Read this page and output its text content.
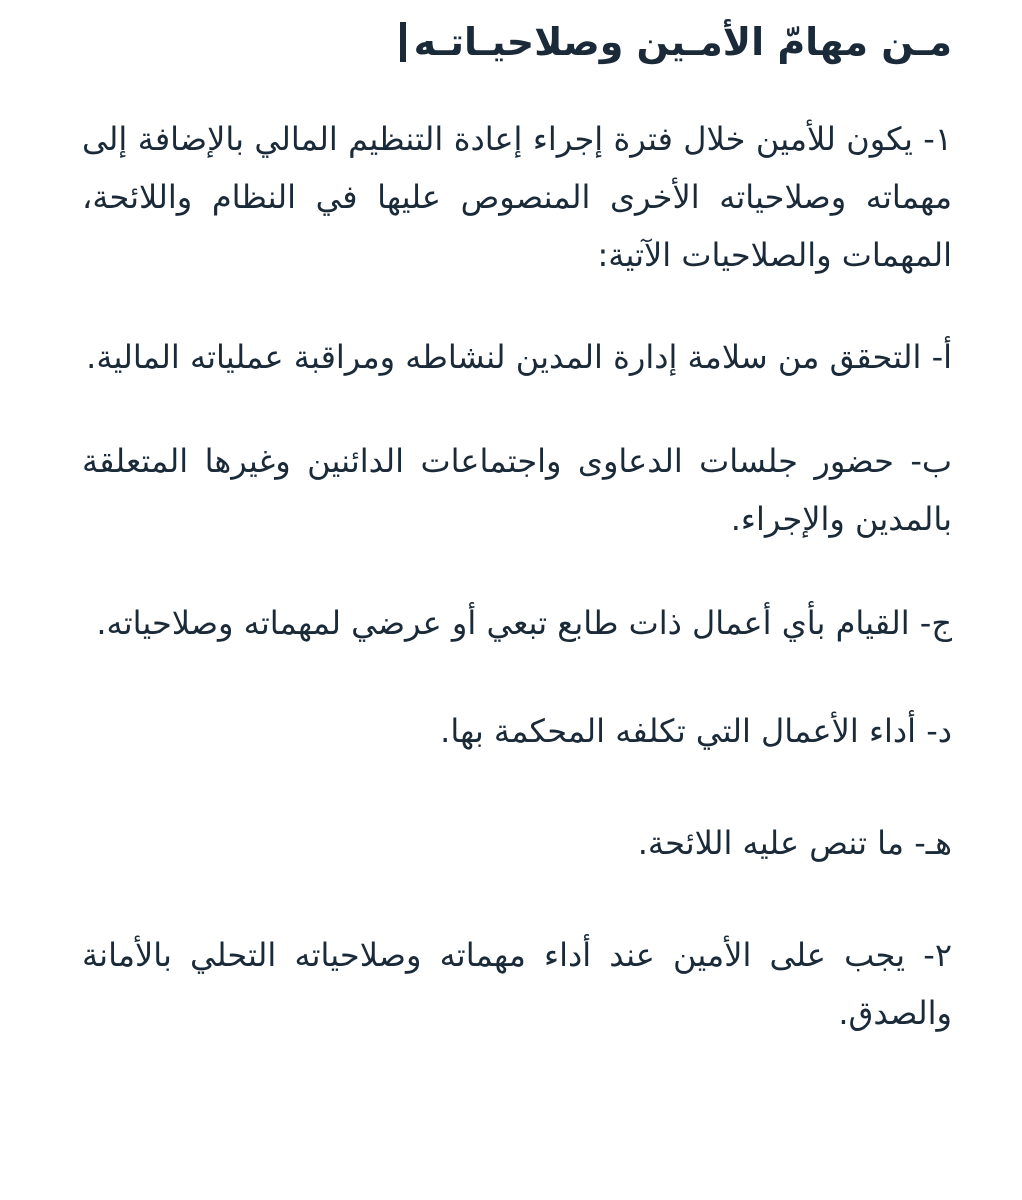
مـن مهامّ الأمـين وصلاحيـاتـه

١- يكون للأمين خلال فترة إجراء إعادة التنظيم المالي بالإضافة إلى مهماته وصلاحياته الأخرى المنصوص عليها في النظام واللائحة، المهمات والصلاحيات الآتية:

أ- التحقق من سلامة إدارة المدين لنشاطه ومراقبة عملياته المالية.

ب- حضور جلسات الدعاوى واجتماعات الدائنين وغيرها المتعلقة بالمدين والإجراء.

ج- القيام بأي أعمال ذات طابع تبعي أو عرضي لمهماته وصلاحياته.

د- أداء الأعمال التي تكلفه المحكمة بها.

هـ- ما تنص عليه اللائحة.

٢- يجب على الأمين عند أداء مهماته وصلاحياته التحلي بالأمانة والصدق.
